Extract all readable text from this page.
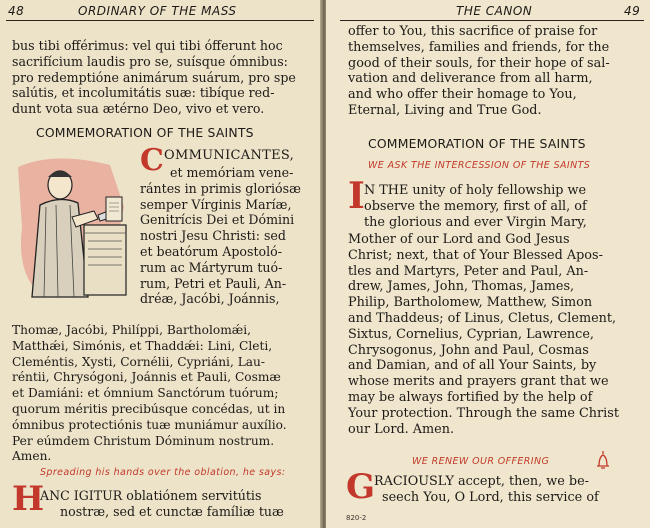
48	ORDINARY OF THE MASS
bus tibi offérimus: vel qui tibi ófferunt hoc
sacrifícium laudis pro se, suísque ómnibus:
pro redemptióne animárum suárum, pro spe
salútis, et incolumitátis suæ: tibíque red-
dunt vota sua ætérno Deo, vivo et vero.
COMMEMORATION OF THE SAINTS
C OMMUNICANTES,
et memóriam vene-
rántes in primis gloriósæ
semper Vírginis Maríæ,
Genitrícis Dei et Dómini
nostri Jesu Christi: sed
et beatórum Apostoló-
rum ac Mártyrum tuó-
rum, Petri et Pauli, An-
dréæ, Jacóbi, Joánnis,
Thomæ, Jacóbi, Philíppi, Bartholomǽi,
Matthǽi, Simónis, et Thaddǽi: Lini, Cleti,
Cleméntis, Xysti, Cornélii, Cypriáni, Lau-
réntii, Chrysógoni, Joánnis et Pauli, Cosmæ
et Damiáni: et ómnium Sanctórum tuórum;
quorum méritis precibúsque concédas, ut in
ómnibus protectiónis tuæ muniámur auxílio.
Per eúmdem Christum Dóminum nostrum.
Amen.
Spreading his hands over the oblation, he says:
H
ANC IGITUR oblatiónem servitútis
nostræ, sed et cunctæ famíliæ tuæ
THE CANON	49
offer to You, this sacrifice of praise for
themselves, families and friends, for the
good of their souls, for their hope of sal-
vation and deliverance from all harm,
and who offer their homage to You,
Eternal, Living and True God.
COMMEMORATION OF THE SAINTS
WE ASK THE INTERCESSION OF THE SAINTS
I N THE unity of holy fellowship we
observe the memory, first of all, of
the glorious and ever Virgin Mary,
Mother of our Lord and God Jesus
Christ; next, that of Your Blessed Apos-
tles and Martyrs, Peter and Paul, An-
drew, James, John, Thomas, James,
Philip, Bartholomew, Matthew, Simon
and Thaddeus; of Linus, Cletus, Clement,
Sixtus, Cornelius, Cyprian, Lawrence,
Chrysogonus, John and Paul, Cosmas
and Damian, and of all Your Saints, by
whose merits and prayers grant that we
may be always fortified by the help of
Your protection. Through the same Christ
our Lord. Amen.
WE RENEW OUR OFFERING
G
RACIOUSLY accept, then, we be-
seech You, O Lord, this service of
820-2
